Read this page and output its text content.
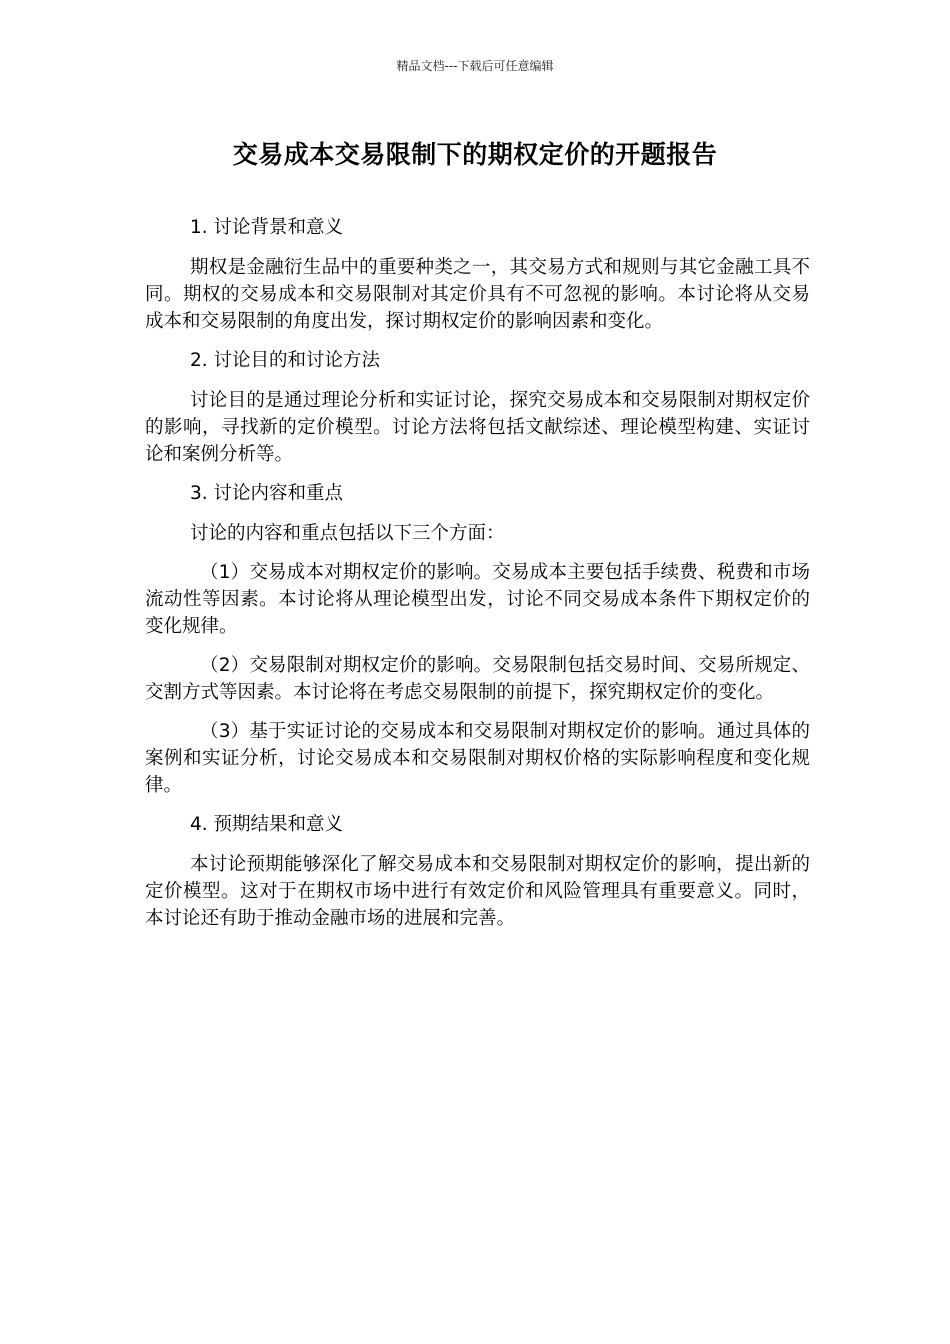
精品文档---下载后可任意编辑
交易成本交易限制下的期权定价的开题报告
1. 讨论背景和意义

期权是金融衍生品中的重要种类之一，其交易方式和规则与其它金融工具不同。期权的交易成本和交易限制对其定价具有不可忽视的影响。本讨论将从交易成本和交易限制的角度出发，探讨期权定价的影响因素和变化。

2. 讨论目的和讨论方法

讨论目的是通过理论分析和实证讨论，探究交易成本和交易限制对期权定价的影响，寻找新的定价模型。讨论方法将包括文献综述、理论模型构建、实证讨论和案例分析等。

3. 讨论内容和重点

讨论的内容和重点包括以下三个方面：

（1）交易成本对期权定价的影响。交易成本主要包括手续费、税费和市场流动性等因素。本讨论将从理论模型出发，讨论不同交易成本条件下期权定价的变化规律。

（2）交易限制对期权定价的影响。交易限制包括交易时间、交易所规定、交割方式等因素。本讨论将在考虑交易限制的前提下，探究期权定价的变化。

（3）基于实证讨论的交易成本和交易限制对期权定价的影响。通过具体的案例和实证分析，讨论交易成本和交易限制对期权价格的实际影响程度和变化规律。

4. 预期结果和意义

本讨论预期能够深化了解交易成本和交易限制对期权定价的影响，提出新的定价模型。这对于在期权市场中进行有效定价和风险管理具有重要意义。同时，本讨论还有助于推动金融市场的进展和完善。
